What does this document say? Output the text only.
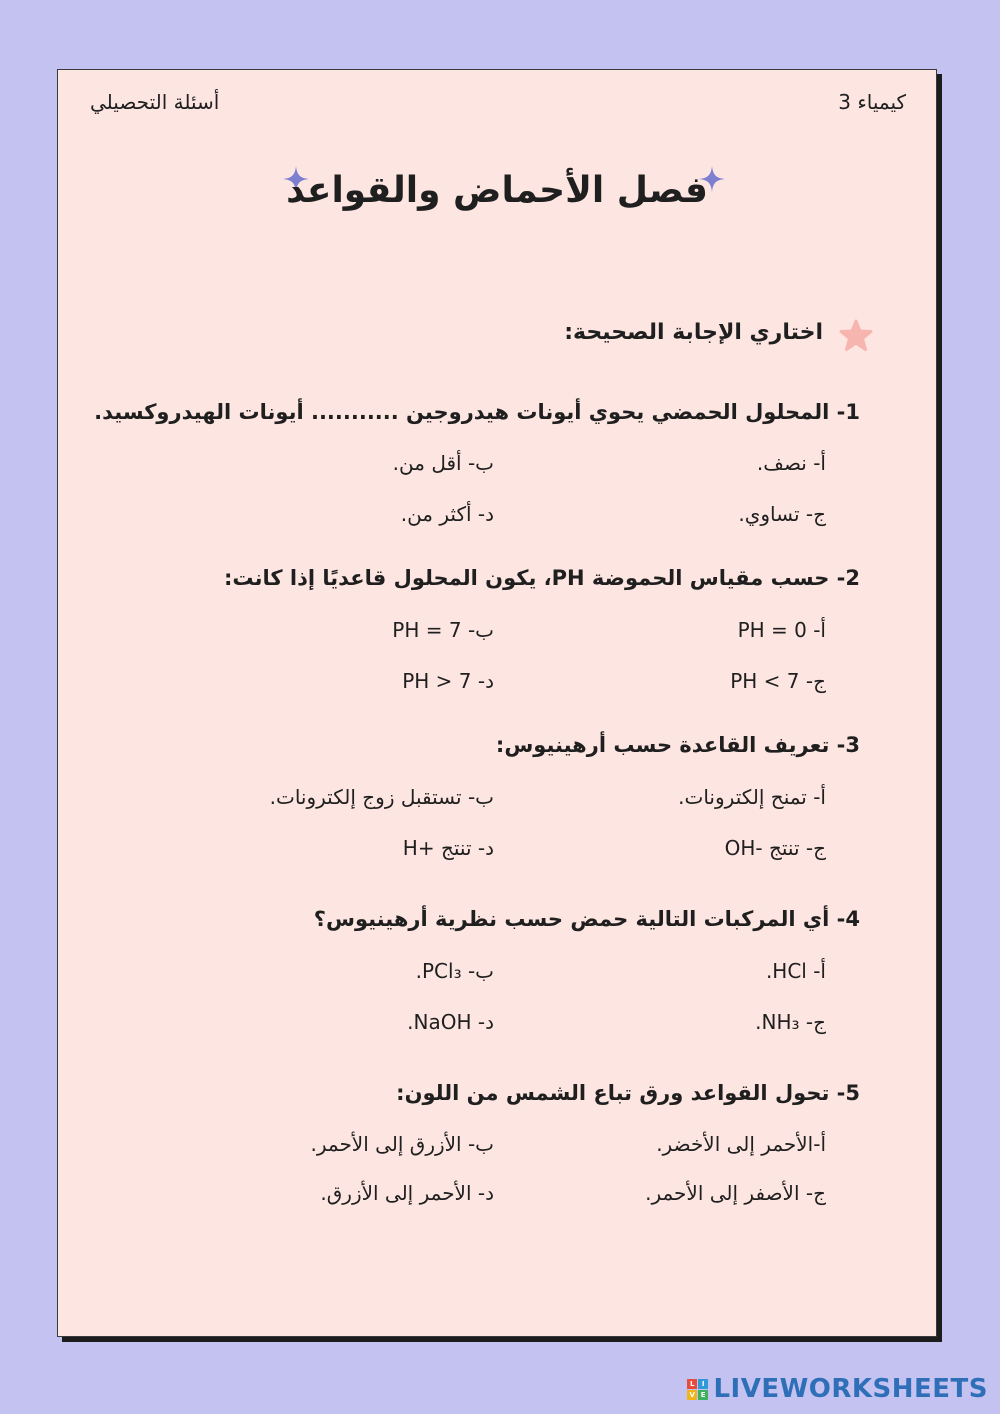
كيمياء 3
أسئلة التحصيلي
فصل الأحماض والقواعد
اختاري الإجابة الصحيحة:
1- المحلول الحمضي يحوي أيونات هيدروجين ........... أيونات الهيدروكسيد.
أ- نصف.
ب- أقل من.
ج- تساوي.
د- أكثر من.
2- حسب مقياس الحموضة PH، يكون المحلول قاعديًا إذا كانت:
أ- PH = 0
ب- PH = 7
ج- PH < 7
د- PH > 7
3- تعريف القاعدة حسب أرهينيوس:
أ- تمنح إلكترونات.
ب- تستقبل زوج إلكترونات.
ج- تنتج -OH
د- تنتج +H
4- أي المركبات التالية حمض حسب نظرية أرهينيوس؟
أ- HCl.
ب- PCl₃.
ج- NH₃.
د- NaOH.
5- تحول القواعد ورق تباع الشمس من اللون:
أ-الأحمر إلى الأخضر.
ب- الأزرق إلى الأحمر.
ج- الأصفر إلى الأحمر.
د- الأحمر إلى الأزرق.
L I
V E LIVEWORKSHEETS
